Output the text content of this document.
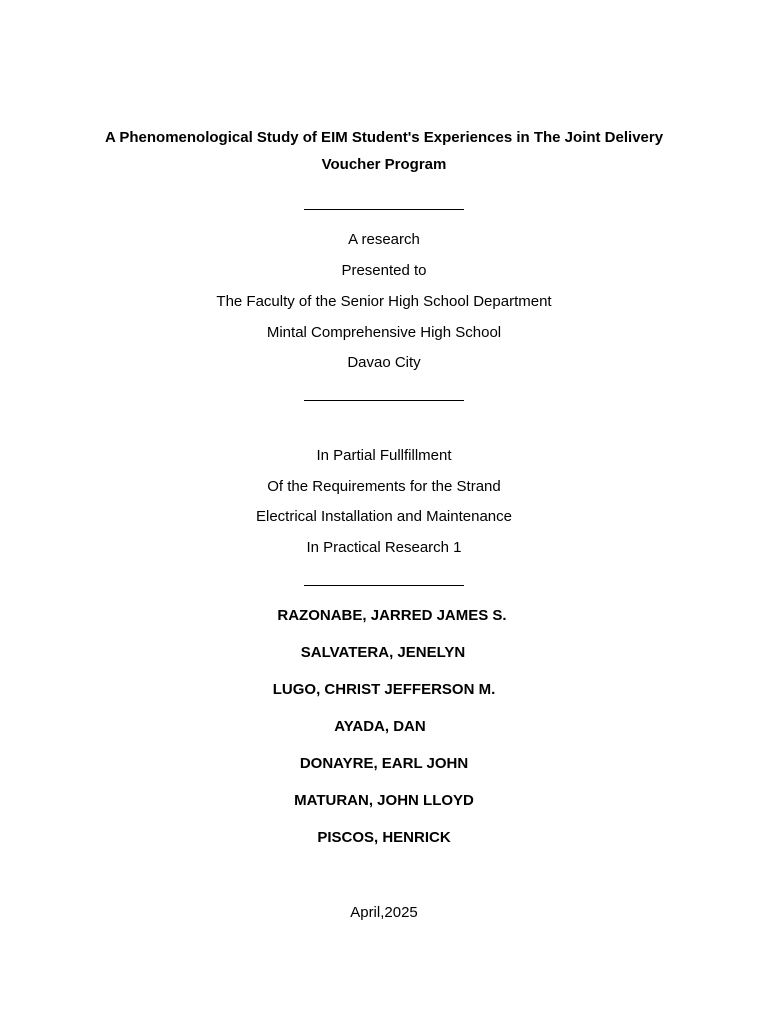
A Phenomenological Study of EIM Student's Experiences in The Joint Delivery
Voucher Program
A research
Presented to
The Faculty of the Senior High School Department
Mintal Comprehensive High School
Davao City
In Partial Fullfillment
Of the Requirements for the Strand
Electrical Installation and Maintenance
In Practical Research 1
RAZONABE, JARRED JAMES S.
SALVATERA, JENELYN
LUGO, CHRIST JEFFERSON M.
AYADA, DAN
DONAYRE, EARL JOHN
MATURAN, JOHN LLOYD
PISCOS, HENRICK
April,2025
